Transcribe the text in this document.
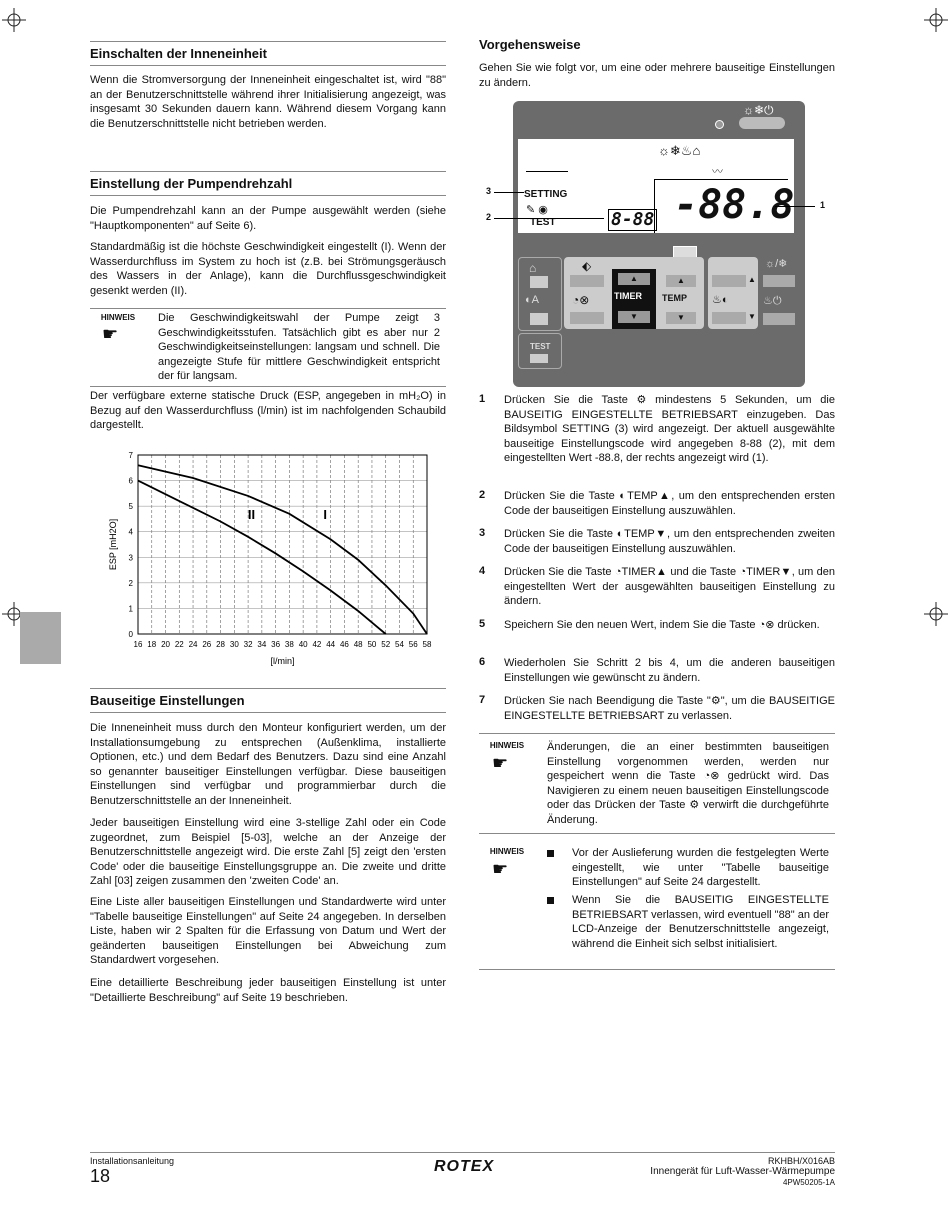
Einschalten der Inneneinheit

Wenn die Stromversorgung der Inneneinheit eingeschaltet ist, wird "88" an der Benutzerschnittstelle während ihrer Initialisierung angezeigt, was insgesamt 30 Sekunden dauern kann. Während diesem Vorgang kann die Benutzerschnittstelle nicht betrieben werden.

Einstellung der Pumpendrehzahl

Die Pumpendrehzahl kann an der Pumpe ausgewählt werden (siehe "Hauptkomponenten" auf Seite 6).

Standardmäßig ist die höchste Geschwindigkeit eingestellt (I). Wenn der Wasserdurchfluss im System zu hoch ist (z.B. bei Strömungsgeräusch des Wassers in der Anlage), kann die Durchflussgeschwindigkeit gesenkt werden (II).

HINWEIS
☛

Die Geschwindigkeitswahl der Pumpe zeigt 3 Geschwindigkeitsstufen. Tatsächlich gibt es aber nur 2 Geschwindigkeitseinstellungen: langsam und schnell. Die angezeigte Stufe für mittlere Geschwindigkeit entspricht der für langsam.

Der verfügbare externe statische Druck (ESP, angegeben in mH₂O) in Bezug auf den Wasserdurchfluss (l/min) ist im nachfolgenden Schaubild dargestellt.

16 18 20 22 24 26 28 30 32 34 36 38 40 42 44 46 48 50 52 54 56 58
0
1
2
3
4
5
6
7
I
II
[l/min]
ESP [mH2O]
Bauseitige Einstellungen

Die Inneneinheit muss durch den Monteur konfiguriert werden, um der Installationsumgebung zu entsprechen (Außenklima, installierte Optionen, etc.) und dem Bedarf des Benutzers. Dazu sind eine Anzahl so genannter bauseitiger Einstellungen verfügbar. Diese bauseitigen Einstellungen sind verfügbar und programmierbar durch die Benutzerschnittstelle an der Inneneinheit.

Jeder bauseitigen Einstellung wird eine 3-stellige Zahl oder ein Code zugeordnet, zum Beispiel [5-03], welche an der Anzeige der Benutzerschnittstelle angezeigt wird. Die erste Zahl [5] zeigt den 'ersten Code' oder die bauseitige Einstellungsgruppe an. Die zweite und dritte Zahl [03] zeigen zusammen den 'zweiten Code' an.

Eine Liste aller bauseitigen Einstellungen und Standardwerte wird unter "Tabelle bauseitige Einstellungen" auf Seite 24 angegeben. In derselben Liste, haben wir 2 Spalten für die Erfassung von Datum und Wert der geänderten bauseitigen Einstellungen bei Abweichung zum Standardwert vorgesehen.

Eine detaillierte Beschreibung jeder bauseitigen Einstellung ist unter "Detaillierte Beschreibung" auf Seite 19 beschrieben.

Vorgehensweise

Gehen Sie wie folgt vor, um eine oder mehrere bauseitige Einstellungen zu ändern.

☼❄⏻
☼❄♨⌂
〰
SETTING
✎ ◉
TEST	8-88 -88.8
⌂
◐A
TEST
⬖
◔⊗
▲
TIMER
▼
▲
TEMP
▼
▲
♨◐
▼
☼/❄
♨⏻
3
2
1
1 Drücken Sie die Taste ⚙ mindestens 5 Sekunden, um die BAUSEITIG EINGESTELLTE BETRIEBSART einzugeben. Das Bildsymbol SETTING (3) wird angezeigt. Der aktuell ausgewählte bauseitige Einstellungscode wird angegeben 8-88 (2), mit dem eingestellten Wert -88.8, der rechts angezeigt wird (1).

2 Drücken Sie die Taste ◐TEMP▲, um den entsprechenden ersten Code der bauseitigen Einstellung auszuwählen.

3 Drücken Sie die Taste ◐TEMP▼, um den entsprechenden zweiten Code der bauseitigen Einstellung auszuwählen.

4 Drücken Sie die Taste ◔TIMER▲ und die Taste ◔TIMER▼, um den eingestellten Wert der ausgewählten bauseitigen Einstellung zu ändern.

5 Speichern Sie den neuen Wert, indem Sie die Taste ◔⊗ drücken.

6 Wiederholen Sie Schritt 2 bis 4, um die anderen bauseitigen Einstellungen wie gewünscht zu ändern.

7 Drücken Sie nach Beendigung die Taste "⚙", um die BAUSEITIGE EINGESTELLTE BETRIEBSART zu verlassen.

HINWEIS
☛

Änderungen, die an einer bestimmten bauseitigen Einstellung vorgenommen werden, werden nur gespeichert wenn die Taste ◔⊗ gedrückt wird. Das Navigieren zu einem neuen bauseitigen Einstellungscode oder das Drücken der Taste ⚙ verwirft die durchgeführte Änderung.

HINWEIS
☛

Vor der Auslieferung wurden die festgelegten Werte eingestellt, wie unter "Tabelle bauseitige Einstellungen" auf Seite 24 dargestellt.

Wenn Sie die BAUSEITIG EINGESTELLTE BETRIEBSART verlassen, wird eventuell "88" an der LCD-Anzeige der Benutzerschnittstelle angezeigt, während die Einheit sich selbst initialisiert.

Installationsanleitung
18	ROTEX	RKHBH/X016AB
Innengerät für Luft-Wasser-Wärmepumpe
4PW50205-1A
